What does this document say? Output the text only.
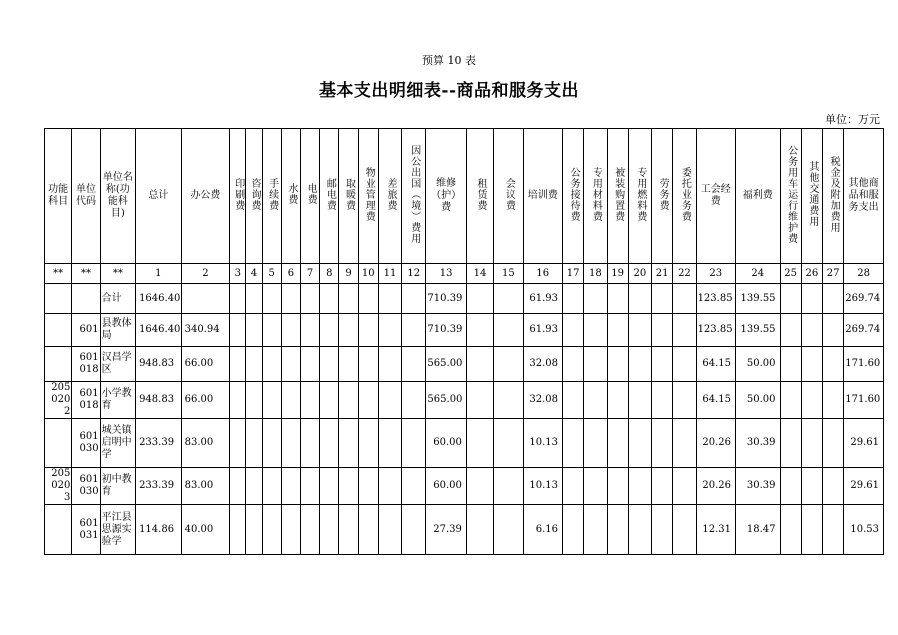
预算 10 表
基本支出明细表--商品和服务支出
单位：万元
功能科目	单位代码	单位名称(功能科目)	总计	办公费	印刷费	咨询费	手续费	水费	电费	邮电费	取暖费	物业管理费	差旅费	因公出国（境）费用	维修（护）费	租赁费	会议费	培训费	公务接待费	专用材料费	被装购置费	专用燃料费	劳务费	委托业务费	工会经费	福利费	公务用车运行维护费	其他交通费用	税金及附加费用	其他商品和服务支出
**	**	**	1	2	3	4	5	6	7	8	9	10	11	12	13	14	15	16	17	18	19	20	21	22	23	24	25	26	27	28
		合计	1646.40												710.39			61.93							123.85	139.55				269.74
	601	县教体局	1646.40	340.94											710.39			61.93							123.85	139.55				269.74
	601018	汉昌学区	948.83	66.00											565.00			32.08							64.15	50.00				171.60
2050202	601018	小学教育	948.83	66.00											565.00			32.08							64.15	50.00				171.60
	601030	城关镇启明中学	233.39	83.00											60.00			10.13							20.26	30.39				29.61
2050203	601030	初中教育	233.39	83.00											60.00			10.13							20.26	30.39				29.61
	601031	平江县思源实验学	114.86	40.00											27.39			6.16							12.31	18.47				10.53
